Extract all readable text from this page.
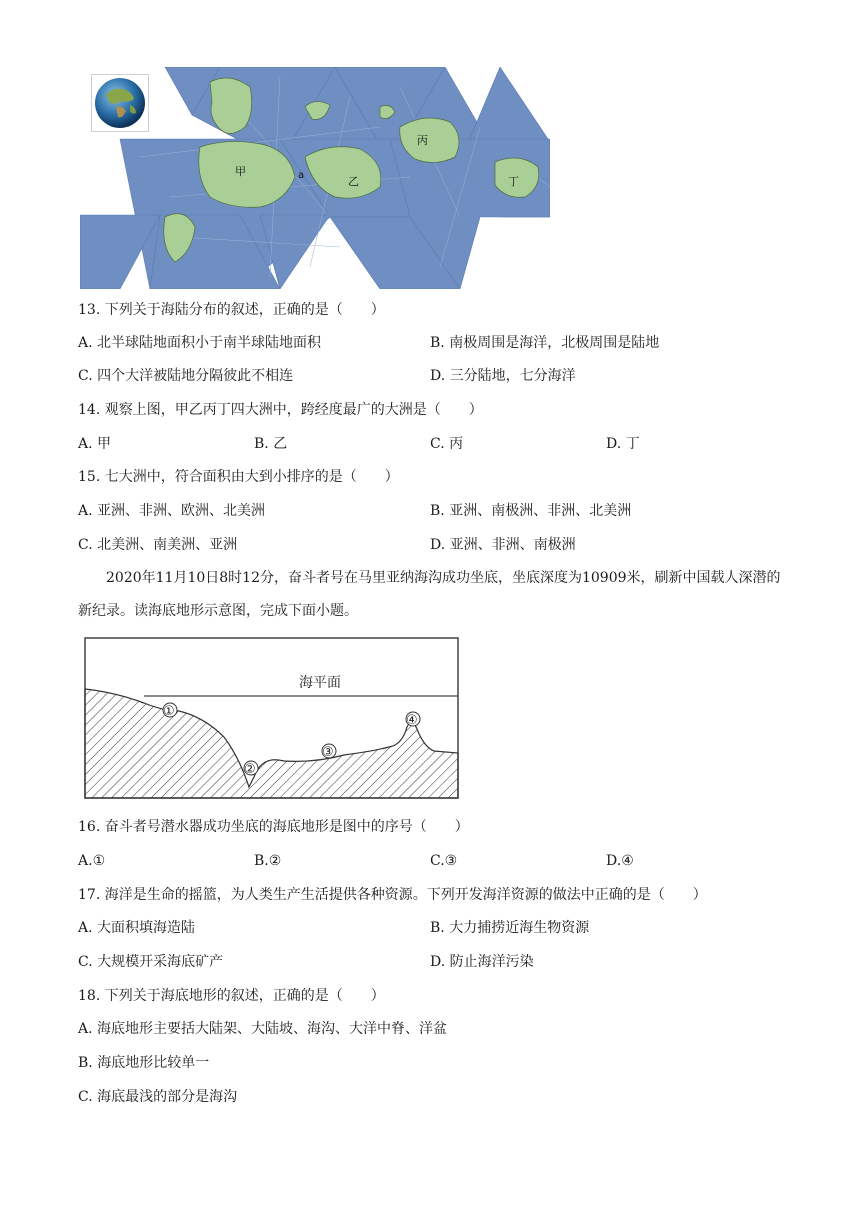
甲	a	乙
丙
丁
13. 下列关于海陆分布的叙述，正确的是（　　）
A. 北半球陆地面积小于南半球陆地面积	B. 南极周围是海洋，北极周围是陆地
C. 四个大洋被陆地分隔彼此不相连	D. 三分陆地，七分海洋
14. 观察上图，甲乙丙丁四大洲中，跨经度最广的大洲是（　　）
A. 甲	B. 乙	C. 丙	D. 丁
15. 七大洲中，符合面积由大到小排序的是（　　）
A. 亚洲、非洲、欧洲、北美洲	B. 亚洲、南极洲、非洲、北美洲
C. 北美洲、南美洲、亚洲	D. 亚洲、非洲、南极洲
2020年11月10日8时12分，奋斗者号在马里亚纳海沟成功坐底，坐底深度为10909米，刷新中国载人深潜的新纪录。读海底地形示意图，完成下面小题。
海平面
①
②
③
④
16. 奋斗者号潜水器成功坐底的海底地形是图中的序号（　　）
A.①	B.②	C.③	D.④
17. 海洋是生命的摇篮，为人类生产生活提供各种资源。下列开发海洋资源的做法中正确的是（　　）
A. 大面积填海造陆	B. 大力捕捞近海生物资源
C. 大规模开采海底矿产	D. 防止海洋污染
18. 下列关于海底地形的叙述，正确的是（　　）
A. 海底地形主要括大陆架、大陆坡、海沟、大洋中脊、洋盆
B. 海底地形比较单一
C. 海底最浅的部分是海沟
